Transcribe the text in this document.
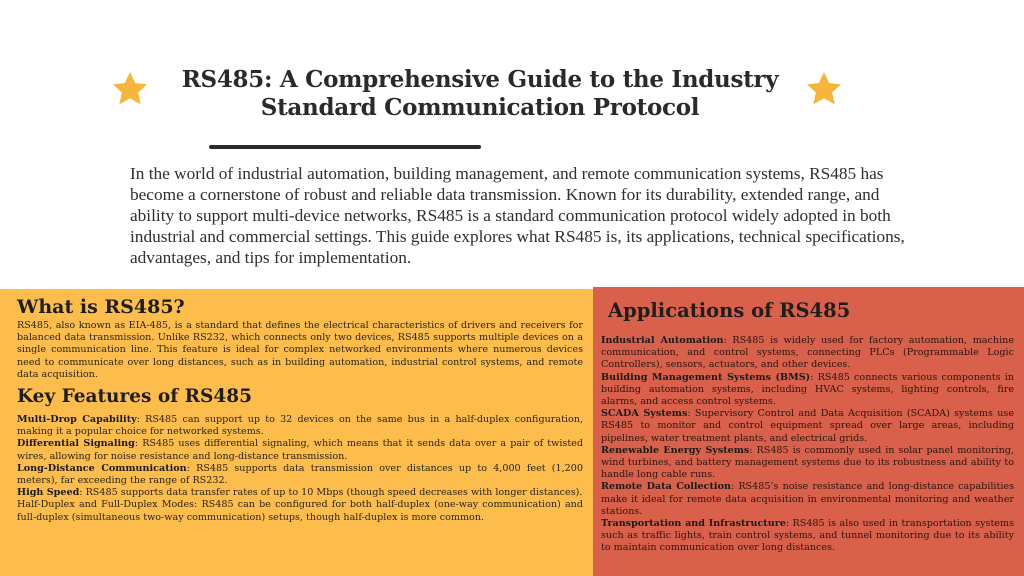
RS485: A Comprehensive Guide to the Industry
Standard Communication Protocol

In the world of industrial automation, building management, and remote communication systems, RS485 has become a cornerstone of robust and reliable data transmission. Known for its durability, extended range, and ability to support multi-device networks, RS485 is a standard communication protocol widely adopted in both industrial and commercial settings. This guide explores what RS485 is, its applications, technical specifications, advantages, and tips for implementation.

What is RS485?

RS485, also known as EIA-485, is a standard that defines the electrical characteristics of drivers and receivers for balanced data transmission. Unlike RS232, which connects only two devices, RS485 supports multiple devices on a single communication line. This feature is ideal for complex networked environments where numerous devices need to communicate over long distances, such as in building automation, industrial control systems, and remote data acquisition.

Key Features of RS485

Multi-Drop Capability: RS485 can support up to 32 devices on the same bus in a half-duplex configuration, making it a popular choice for networked systems.

Differential Signaling: RS485 uses differential signaling, which means that it sends data over a pair of twisted wires, allowing for noise resistance and long-distance transmission.

Long-Distance Communication: RS485 supports data transmission over distances up to 4,000 feet (1,200 meters), far exceeding the range of RS232.

High Speed: RS485 supports data transfer rates of up to 10 Mbps (though speed decreases with longer distances).

Half-Duplex and Full-Duplex Modes: RS485 can be configured for both half-duplex (one-way communication) and full-duplex (simultaneous two-way communication) setups, though half-duplex is more common.

Applications of RS485

Industrial Automation: RS485 is widely used for factory automation, machine communication, and control systems, connecting PLCs (Programmable Logic Controllers), sensors, actuators, and other devices.

Building Management Systems (BMS): RS485 connects various components in building automation systems, including HVAC systems, lighting controls, fire alarms, and access control systems.

SCADA Systems: Supervisory Control and Data Acquisition (SCADA) systems use RS485 to monitor and control equipment spread over large areas, including pipelines, water treatment plants, and electrical grids.

Renewable Energy Systems: RS485 is commonly used in solar panel monitoring, wind turbines, and battery management systems due to its robustness and ability to handle long cable runs.

Remote Data Collection: RS485’s noise resistance and long-distance capabilities make it ideal for remote data acquisition in environmental monitoring and weather stations.

Transportation and Infrastructure: RS485 is also used in transportation systems such as traffic lights, train control systems, and tunnel monitoring due to its ability to maintain communication over long distances.
